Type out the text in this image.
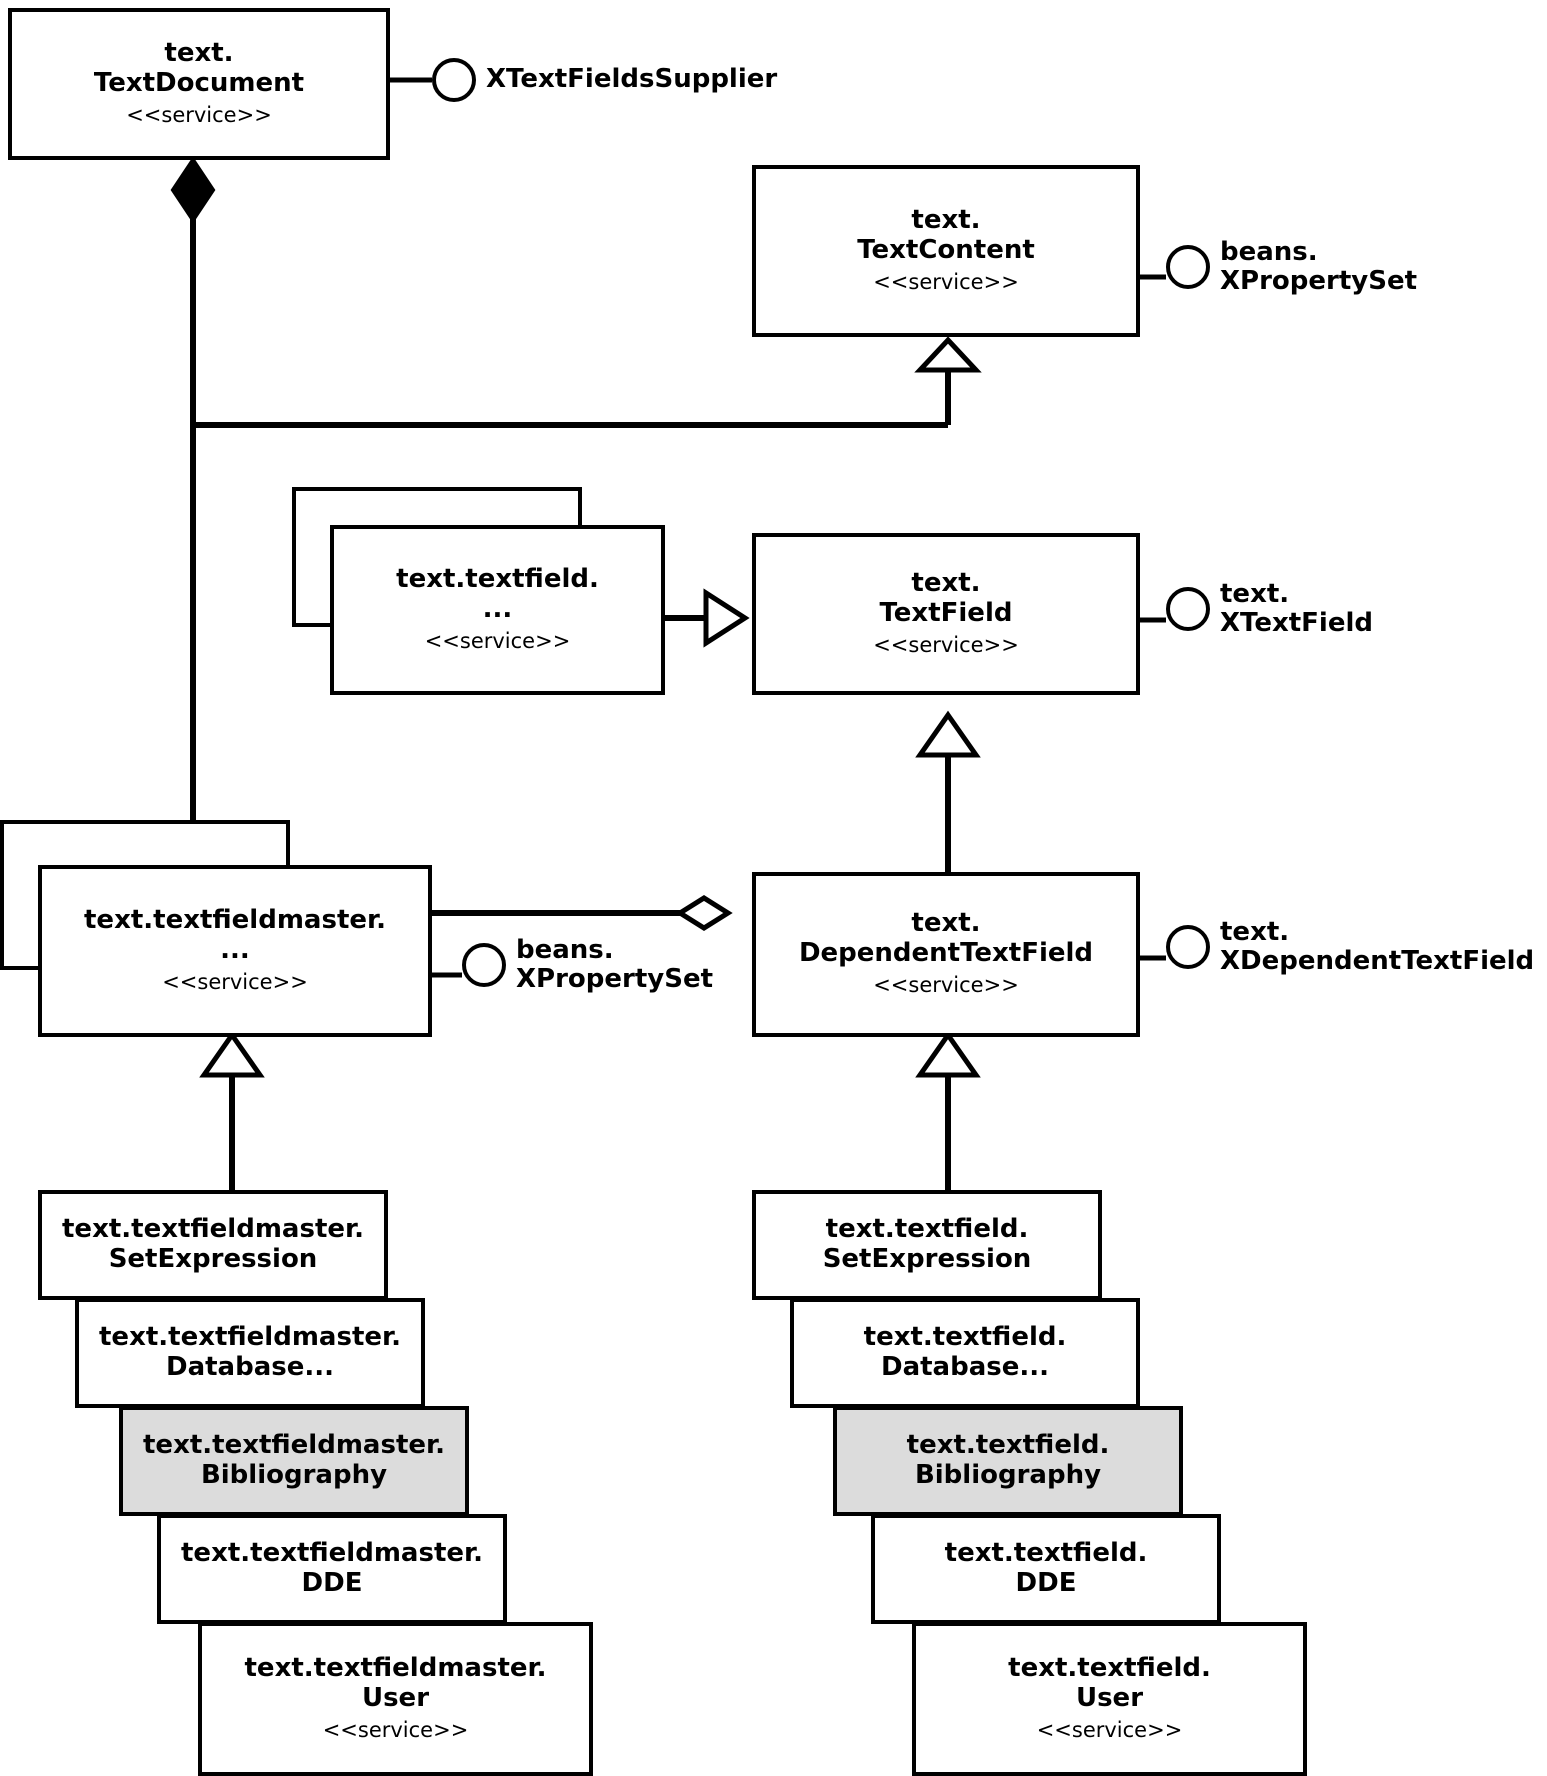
text.
TextDocument
<<service>>
XTextFieldsSupplier
text.
TextContent
<<service>>
beans.
XPropertySet
text.textfield.
...
<<service>>
text.
TextField
<<service>>
text.
XTextField
text.textfieldmaster.
...
<<service>>
beans.
XPropertySet
text.
DependentTextField
<<service>>
text.
XDependentTextField
text.textfieldmaster.
SetExpression
text.textfieldmaster.
Database...
text.textfieldmaster.
Bibliography
text.textfieldmaster.
DDE
text.textfieldmaster.
User
<<service>>
text.textfield.
SetExpression
text.textfield.
Database...
text.textfield.
Bibliography
text.textfield.
DDE
text.textfield.
User
<<service>>
